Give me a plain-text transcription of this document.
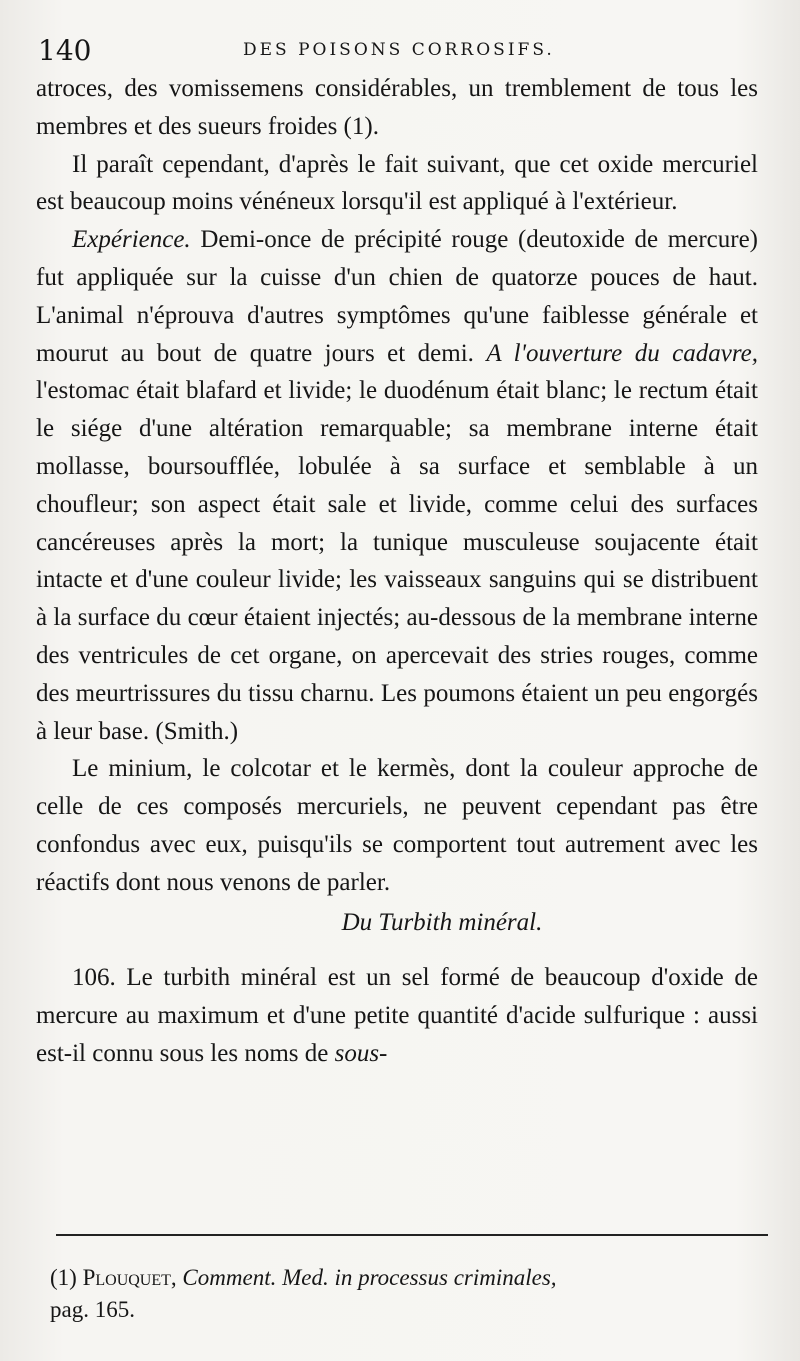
140	DES POISONS CORROSIFS.

atroces, des vomissemens considérables, un tremblement de tous les membres et des sueurs froides (1).

Il paraît cependant, d'après le fait suivant, que cet oxide mercuriel est beaucoup moins vénéneux lorsqu'il est appliqué à l'extérieur.

Expérience. Demi-once de précipité rouge (deutoxide de mercure) fut appliquée sur la cuisse d'un chien de quatorze pouces de haut. L'animal n'éprouva d'autres symptômes qu'une faiblesse générale et mourut au bout de quatre jours et demi. A l'ouverture du cadavre, l'estomac était blafard et livide; le duodénum était blanc; le rectum était le siége d'une altération remarquable; sa membrane interne était mollasse, boursoufflée, lobulée à sa surface et semblable à un choufleur; son aspect était sale et livide, comme celui des surfaces cancéreuses après la mort; la tunique musculeuse soujacente était intacte et d'une couleur livide; les vaisseaux sanguins qui se distribuent à la surface du cœur étaient injectés; au-dessous de la membrane interne des ventricules de cet organe, on apercevait des stries rouges, comme des meurtrissures du tissu charnu. Les poumons étaient un peu engorgés à leur base. (Smith.)

Le minium, le colcotar et le kermès, dont la couleur approche de celle de ces composés mercuriels, ne peuvent cependant pas être confondus avec eux, puisqu'ils se comportent tout autrement avec les réactifs dont nous venons de parler.

Du Turbith minéral.

106. Le turbith minéral est un sel formé de beaucoup d'oxide de mercure au maximum et d'une petite quantité d'acide sulfurique : aussi est-il connu sous les noms de sous-

(1) Plouquet, Comment. Med. in processus criminales,

pag. 165.
